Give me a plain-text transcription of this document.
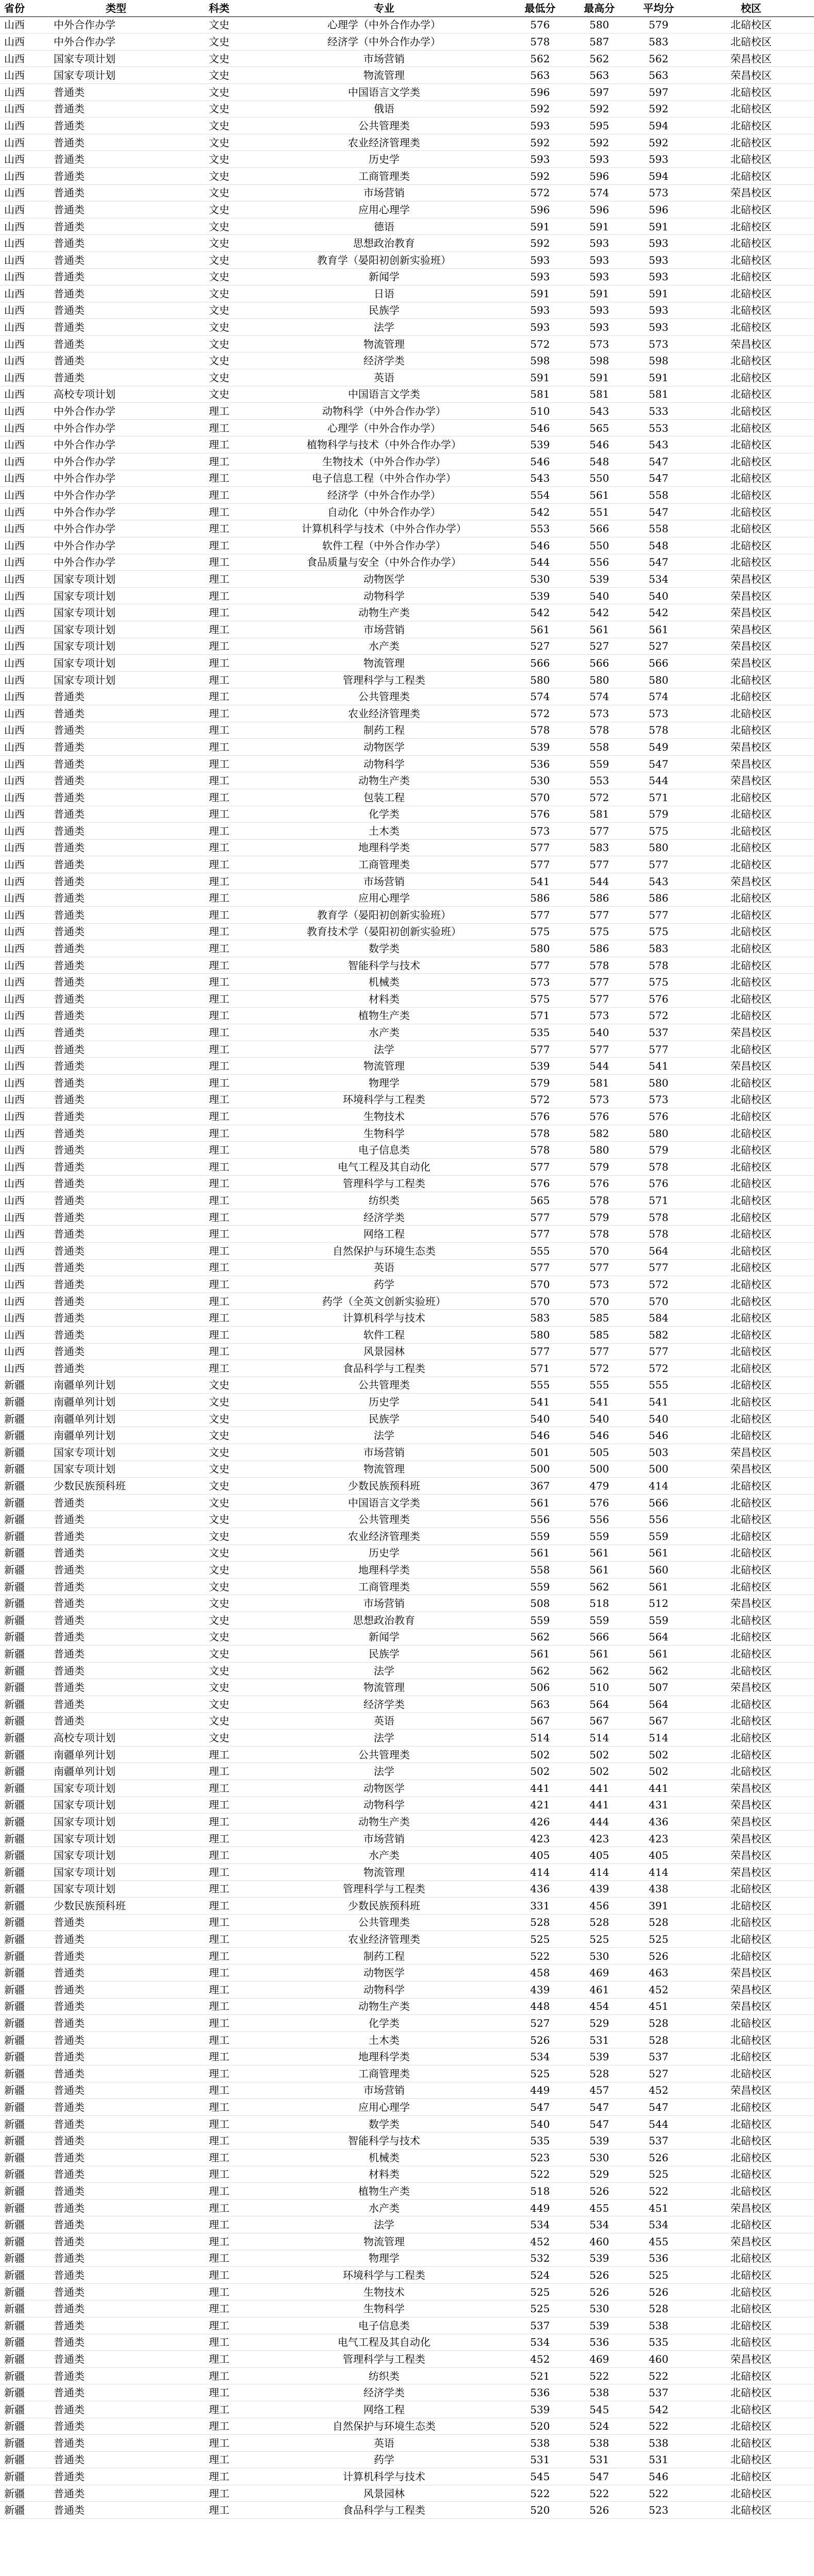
省份	类型	科类	专业	最低分	最高分	平均分	校区
山西	中外合作办学	文史	心理学（中外合作办学）	576	580	579	北碚校区
山西	中外合作办学	文史	经济学（中外合作办学）	578	587	583	北碚校区
山西	国家专项计划	文史	市场营销	562	562	562	荣昌校区
山西	国家专项计划	文史	物流管理	563	563	563	荣昌校区
山西	普通类	文史	中国语言文学类	596	597	597	北碚校区
山西	普通类	文史	俄语	592	592	592	北碚校区
山西	普通类	文史	公共管理类	593	595	594	北碚校区
山西	普通类	文史	农业经济管理类	592	592	592	北碚校区
山西	普通类	文史	历史学	593	593	593	北碚校区
山西	普通类	文史	工商管理类	592	596	594	北碚校区
山西	普通类	文史	市场营销	572	574	573	荣昌校区
山西	普通类	文史	应用心理学	596	596	596	北碚校区
山西	普通类	文史	德语	591	591	591	北碚校区
山西	普通类	文史	思想政治教育	592	593	593	北碚校区
山西	普通类	文史	教育学（晏阳初创新实验班）	593	593	593	北碚校区
山西	普通类	文史	新闻学	593	593	593	北碚校区
山西	普通类	文史	日语	591	591	591	北碚校区
山西	普通类	文史	民族学	593	593	593	北碚校区
山西	普通类	文史	法学	593	593	593	北碚校区
山西	普通类	文史	物流管理	572	573	573	荣昌校区
山西	普通类	文史	经济学类	598	598	598	北碚校区
山西	普通类	文史	英语	591	591	591	北碚校区
山西	高校专项计划	文史	中国语言文学类	581	581	581	北碚校区
山西	中外合作办学	理工	动物科学（中外合作办学）	510	543	533	北碚校区
山西	中外合作办学	理工	心理学（中外合作办学）	546	565	553	北碚校区
山西	中外合作办学	理工	植物科学与技术（中外合作办学）	539	546	543	北碚校区
山西	中外合作办学	理工	生物技术（中外合作办学）	546	548	547	北碚校区
山西	中外合作办学	理工	电子信息工程（中外合作办学）	543	550	547	北碚校区
山西	中外合作办学	理工	经济学（中外合作办学）	554	561	558	北碚校区
山西	中外合作办学	理工	自动化（中外合作办学）	542	551	547	北碚校区
山西	中外合作办学	理工	计算机科学与技术（中外合作办学）	553	566	558	北碚校区
山西	中外合作办学	理工	软件工程（中外合作办学）	546	550	548	北碚校区
山西	中外合作办学	理工	食品质量与安全（中外合作办学）	544	556	547	北碚校区
山西	国家专项计划	理工	动物医学	530	539	534	荣昌校区
山西	国家专项计划	理工	动物科学	539	540	540	荣昌校区
山西	国家专项计划	理工	动物生产类	542	542	542	荣昌校区
山西	国家专项计划	理工	市场营销	561	561	561	荣昌校区
山西	国家专项计划	理工	水产类	527	527	527	荣昌校区
山西	国家专项计划	理工	物流管理	566	566	566	荣昌校区
山西	国家专项计划	理工	管理科学与工程类	580	580	580	北碚校区
山西	普通类	理工	公共管理类	574	574	574	北碚校区
山西	普通类	理工	农业经济管理类	572	573	573	北碚校区
山西	普通类	理工	制药工程	578	578	578	北碚校区
山西	普通类	理工	动物医学	539	558	549	荣昌校区
山西	普通类	理工	动物科学	536	559	547	荣昌校区
山西	普通类	理工	动物生产类	530	553	544	荣昌校区
山西	普通类	理工	包装工程	570	572	571	北碚校区
山西	普通类	理工	化学类	576	581	579	北碚校区
山西	普通类	理工	土木类	573	577	575	北碚校区
山西	普通类	理工	地理科学类	577	583	580	北碚校区
山西	普通类	理工	工商管理类	577	577	577	北碚校区
山西	普通类	理工	市场营销	541	544	543	荣昌校区
山西	普通类	理工	应用心理学	586	586	586	北碚校区
山西	普通类	理工	教育学（晏阳初创新实验班）	577	577	577	北碚校区
山西	普通类	理工	教育技术学（晏阳初创新实验班）	575	575	575	北碚校区
山西	普通类	理工	数学类	580	586	583	北碚校区
山西	普通类	理工	智能科学与技术	577	578	578	北碚校区
山西	普通类	理工	机械类	573	577	575	北碚校区
山西	普通类	理工	材料类	575	577	576	北碚校区
山西	普通类	理工	植物生产类	571	573	572	北碚校区
山西	普通类	理工	水产类	535	540	537	荣昌校区
山西	普通类	理工	法学	577	577	577	北碚校区
山西	普通类	理工	物流管理	539	544	541	荣昌校区
山西	普通类	理工	物理学	579	581	580	北碚校区
山西	普通类	理工	环境科学与工程类	572	573	573	北碚校区
山西	普通类	理工	生物技术	576	576	576	北碚校区
山西	普通类	理工	生物科学	578	582	580	北碚校区
山西	普通类	理工	电子信息类	578	580	579	北碚校区
山西	普通类	理工	电气工程及其自动化	577	579	578	北碚校区
山西	普通类	理工	管理科学与工程类	576	576	576	北碚校区
山西	普通类	理工	纺织类	565	578	571	北碚校区
山西	普通类	理工	经济学类	577	579	578	北碚校区
山西	普通类	理工	网络工程	577	578	578	北碚校区
山西	普通类	理工	自然保护与环境生态类	555	570	564	北碚校区
山西	普通类	理工	英语	577	577	577	北碚校区
山西	普通类	理工	药学	570	573	572	北碚校区
山西	普通类	理工	药学（全英文创新实验班）	570	570	570	北碚校区
山西	普通类	理工	计算机科学与技术	583	585	584	北碚校区
山西	普通类	理工	软件工程	580	585	582	北碚校区
山西	普通类	理工	风景园林	577	577	577	北碚校区
山西	普通类	理工	食品科学与工程类	571	572	572	北碚校区
新疆	南疆单列计划	文史	公共管理类	555	555	555	北碚校区
新疆	南疆单列计划	文史	历史学	541	541	541	北碚校区
新疆	南疆单列计划	文史	民族学	540	540	540	北碚校区
新疆	南疆单列计划	文史	法学	546	546	546	北碚校区
新疆	国家专项计划	文史	市场营销	501	505	503	荣昌校区
新疆	国家专项计划	文史	物流管理	500	500	500	荣昌校区
新疆	少数民族预科班	文史	少数民族预科班	367	479	414	北碚校区
新疆	普通类	文史	中国语言文学类	561	576	566	北碚校区
新疆	普通类	文史	公共管理类	556	556	556	北碚校区
新疆	普通类	文史	农业经济管理类	559	559	559	北碚校区
新疆	普通类	文史	历史学	561	561	561	北碚校区
新疆	普通类	文史	地理科学类	558	561	560	北碚校区
新疆	普通类	文史	工商管理类	559	562	561	北碚校区
新疆	普通类	文史	市场营销	508	518	512	荣昌校区
新疆	普通类	文史	思想政治教育	559	559	559	北碚校区
新疆	普通类	文史	新闻学	562	566	564	北碚校区
新疆	普通类	文史	民族学	561	561	561	北碚校区
新疆	普通类	文史	法学	562	562	562	北碚校区
新疆	普通类	文史	物流管理	506	510	507	荣昌校区
新疆	普通类	文史	经济学类	563	564	564	北碚校区
新疆	普通类	文史	英语	567	567	567	北碚校区
新疆	高校专项计划	文史	法学	514	514	514	北碚校区
新疆	南疆单列计划	理工	公共管理类	502	502	502	北碚校区
新疆	南疆单列计划	理工	法学	502	502	502	北碚校区
新疆	国家专项计划	理工	动物医学	441	441	441	荣昌校区
新疆	国家专项计划	理工	动物科学	421	441	431	荣昌校区
新疆	国家专项计划	理工	动物生产类	426	444	436	荣昌校区
新疆	国家专项计划	理工	市场营销	423	423	423	荣昌校区
新疆	国家专项计划	理工	水产类	405	405	405	荣昌校区
新疆	国家专项计划	理工	物流管理	414	414	414	荣昌校区
新疆	国家专项计划	理工	管理科学与工程类	436	439	438	北碚校区
新疆	少数民族预科班	理工	少数民族预科班	331	456	391	北碚校区
新疆	普通类	理工	公共管理类	528	528	528	北碚校区
新疆	普通类	理工	农业经济管理类	525	525	525	北碚校区
新疆	普通类	理工	制药工程	522	530	526	北碚校区
新疆	普通类	理工	动物医学	458	469	463	荣昌校区
新疆	普通类	理工	动物科学	439	461	452	荣昌校区
新疆	普通类	理工	动物生产类	448	454	451	荣昌校区
新疆	普通类	理工	化学类	527	529	528	北碚校区
新疆	普通类	理工	土木类	526	531	528	北碚校区
新疆	普通类	理工	地理科学类	534	539	537	北碚校区
新疆	普通类	理工	工商管理类	525	528	527	北碚校区
新疆	普通类	理工	市场营销	449	457	452	荣昌校区
新疆	普通类	理工	应用心理学	547	547	547	北碚校区
新疆	普通类	理工	数学类	540	547	544	北碚校区
新疆	普通类	理工	智能科学与技术	535	539	537	北碚校区
新疆	普通类	理工	机械类	523	530	526	北碚校区
新疆	普通类	理工	材料类	522	529	525	北碚校区
新疆	普通类	理工	植物生产类	518	526	522	北碚校区
新疆	普通类	理工	水产类	449	455	451	荣昌校区
新疆	普通类	理工	法学	534	534	534	北碚校区
新疆	普通类	理工	物流管理	452	460	455	荣昌校区
新疆	普通类	理工	物理学	532	539	536	北碚校区
新疆	普通类	理工	环境科学与工程类	524	526	525	北碚校区
新疆	普通类	理工	生物技术	525	526	526	北碚校区
新疆	普通类	理工	生物科学	525	530	528	北碚校区
新疆	普通类	理工	电子信息类	537	539	538	北碚校区
新疆	普通类	理工	电气工程及其自动化	534	536	535	北碚校区
新疆	普通类	理工	管理科学与工程类	452	469	460	荣昌校区
新疆	普通类	理工	纺织类	521	522	522	北碚校区
新疆	普通类	理工	经济学类	536	538	537	北碚校区
新疆	普通类	理工	网络工程	539	545	542	北碚校区
新疆	普通类	理工	自然保护与环境生态类	520	524	522	北碚校区
新疆	普通类	理工	英语	538	538	538	北碚校区
新疆	普通类	理工	药学	531	531	531	北碚校区
新疆	普通类	理工	计算机科学与技术	545	547	546	北碚校区
新疆	普通类	理工	风景园林	522	522	522	北碚校区
新疆	普通类	理工	食品科学与工程类	520	526	523	北碚校区
